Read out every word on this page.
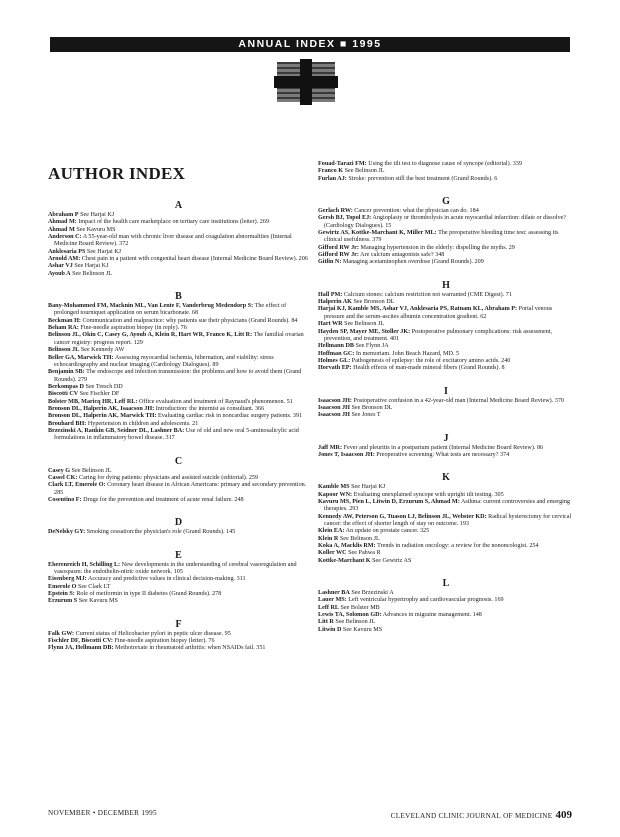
ANNUAL INDEX ■ 1995
AUTHOR INDEX
A
Abraham P See Harjai KJ
Ahmad M: Impact of the health care marketplace on tertiary care institutions (letter). 269
Ahmad M See Kavuru MS
Anderson C: A 55-year-old man with chronic liver disease and coagulation abnormalities (Internal Medicine Board Review). 372
Anklesaria PS See Harjai KJ
Arnold AM: Chest pain in a patient with congenital heart disease (Internal Medicine Board Review). 206
Ashar VJ See Harjai KJ
Ayoub A See Belinson JL
B
Bany-Mohammed FM, Macknin ML, Van Lente F, Vanderbrug Medendorp S: The effect of prolonged tourniquet application on serum bicarbonate. 68
Beckman H: Communication and malpractice: why patients sue their physicians (Grand Rounds). 84
Beham RA: Fine-needle aspiration biopsy (in reply). 76
Belinson JL, Okin C, Casey G, Ayoub A, Klein R, Hart WR, Franco K, Litt R: The familial ovarian cancer registry: progress report. 129
Belinson JL See Kennedy AW
Beller GA, Marwick TH: Assessing myocardial ischemia, hibernation, and viability: stress echocardiography and nuclear imaging (Cardiology Dialogues). 89
Benjamin SB: The endoscope and infection transmission: the problems and how to avoid them (Grand Rounds). 279
Berkompas D See Tresch DD
Biscotti CV See Fischler DF
Bolster MB, Maricq HR, Leff RL: Office evaluation and treatment of Raynaud's phenomenon. 51
Bronson DL, Halperin AK, Isaacson JH: Introduction: the internist as consultant. 366
Bronson DL, Halperin AK, Marwick TH: Evaluating cardiac risk in noncardiac surgery patients. 391
Brouhard BH: Hypertension in children and adolescents. 21
Brzezinski A, Rankin GB, Seidner DL, Lashner BA: Use of old and new oral 5-aminosalicylic acid formulations in inflammatory bowel disease. 317
C
Casey G See Belinson JL
Cassel CK: Caring for dying patients: physicians and assisted suicide (editorial). 259
Clark LT, Emerole O: Coronary heart disease in African Americans: primary and secondary prevention. 285
Cosentino F: Drugs for the prevention and treatment of acute renal failure. 248
D
DeNelsky GY: Smoking cessation:the physician's role (Grand Rounds). 145
E
Eherenreich H, Schilling L: New developments in the understanding of cerebral vasoregulation and vasospasm: the endothelin-nitric oxide network. 105
Eisenberg MJ: Accuracy and predictive values in clinical decision-making. 311
Emerole O See Clark LT
Epstein S: Role of metformin in type II diabetes (Grand Rounds). 278
Erzurum S See Kavuru MS
F
Falk GW: Current status of Helicobacter pylori in peptic ulcer disease. 95
Fischler DF, Biscotti CV: Fine-needle aspiration biopsy (letter). 76
Flynn JA, Hellmann DB: Methotrexate in rheumatoid arthritis: when NSAIDs fail. 351
Fouad-Tarazi FM: Using the tilt test to diagnose cause of syncope (editorial). 339
Franco K See Belinson JL
Furlan AJ: Stroke: prevention still the best treatment (Grand Rounds). 6
G
Gerlach RW: Cancer prevention: what the physician can do. 184
Gersh BJ, Topol EJ: Angioplasty or thrombolysis in acute myocardial infarction: dilate or dissolve? (Cardiology Dialogues). 15
Gewirtz AS, Kottke-Marchant K, Miller ML: The preoperative bleeding time test: assessing its clinical usefulness. 379
Gifford RW Jr: Managing hypertension in the elderly: dispelling the myths. 29
Gifford RW Jr: Are calcium antagonists safe? 348
Gitlin N: Managing acetaminophen overdose (Grand Rounds). 209
H
Hall PM: Calcium stones: calcium restriction not warranted (CME Digest). 71
Halperin AK See Bronson DL
Harjai KJ, Kamble MS, Ashar VJ, Anklesaria PS, Ratnam KL, Abraham P: Portal venous pressure and the serum-ascites albumin concentration gradient. 62
Hart WR See Belinson JL
Hayden SP, Mayer ME, Stoller JK: Postoperative pulmonary complications: risk assessment, prevention, and treatment. 401
Hellmann DB See Flynn JA
Hoffman GC: In memoriam. John Beach Hazard, MD. 5
Holmes GL: Pathogenesis of epilepsy: the role of excitatory amino acids. 240
Horvath EP: Health effects of man-made mineral fibers (Grand Rounds). 8
I
Isaacson JH: Postoperative confusion in a 42-year-old man (Internal Medicine Board Review). 370
Isaacson JH See Bronson DL
Isaacson JH See Jones T
J
Jaff MR: Fever and pleuritis in a postpartum patient (Internal Medicine Board Review). 86
Jones T, Isaacson JH: Preoperative screening: What tests are necessary? 374
K
Kamble MS See Harjai KJ
Kapoor WN: Evaluating unexplained syncope with upright tilt testing. 305
Kavuru MS, Pien L, Litwin D, Erzurum S, Ahmad M: Asthma: current controversies and emerging therapies. 293
Kennedy AW, Peterson G, Tuason LJ, Belinson JL, Webster KD: Radical hysterectomy for cervical cancer: the effect of shorter length of stay on outcome. 193
Klein EA: An update on prostate cancer. 325
Klein R See Belinson JL
Koka A, Macklis RM: Trends in radiation oncology: a review for the nononcologist. 254
Koller WC See Pahwa R
Kottke-Marchant K See Gewirtz AS
L
Lashner BA See Brzezinski A
Lauer MS: Left ventricular hypertrophy and cardiovascular prognosis. 169
Leff RL See Bolster MB
Lewis TA, Solomon GD: Advances in migraine management. 148
Litt R See Belinson JL
Litwin D See Kavuru MS
NOVEMBER • DECEMBER 1995	CLEVELAND CLINIC JOURNAL OF MEDICINE 409
